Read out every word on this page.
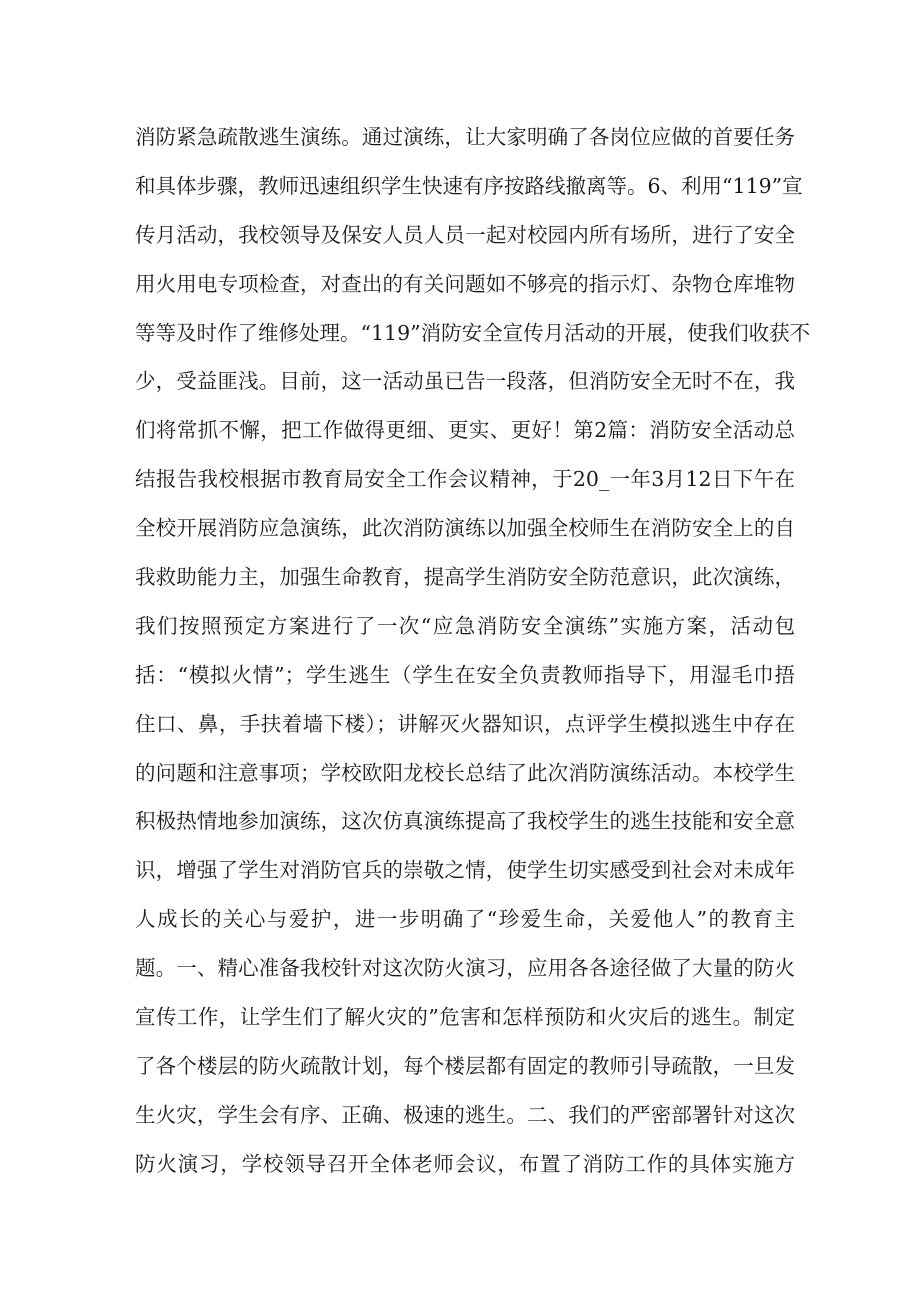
消防紧急疏散逃生演练。通过演练，让大家明确了各岗位应做的首要任务
和具体步骤，教师迅速组织学生快速有序按路线撤离等。6、利用“119”宣
传月活动，我校领导及保安人员人员一起对校园内所有场所，进行了安全
用火用电专项检查，对查出的有关问题如不够亮的指示灯、杂物仓库堆物
等等及时作了维修处理。“119”消防安全宣传月活动的开展，使我们收获不
少，受益匪浅。目前，这一活动虽已告一段落，但消防安全无时不在，我
们将常抓不懈，把工作做得更细、更实、更好！第2篇：消防安全活动总
结报告我校根据市教育局安全工作会议精神，于20_一年3月12日下午在
全校开展消防应急演练，此次消防演练以加强全校师生在消防安全上的自
我救助能力主，加强生命教育，提高学生消防安全防范意识，此次演练，
我们按照预定方案进行了一次“应急消防安全演练”实施方案，活动包
括：“模拟火情”；学生逃生（学生在安全负责教师指导下，用湿毛巾捂
住口、鼻，手扶着墙下楼）；讲解灭火器知识，点评学生模拟逃生中存在
的问题和注意事项；学校欧阳龙校长总结了此次消防演练活动。本校学生
积极热情地参加演练，这次仿真演练提高了我校学生的逃生技能和安全意
识，增强了学生对消防官兵的崇敬之情，使学生切实感受到社会对未成年
人成长的关心与爱护，进一步明确了“珍爱生命，关爱他人”的教育主
题。一、精心准备我校针对这次防火演习，应用各各途径做了大量的防火
宣传工作，让学生们了解火灾的”危害和怎样预防和火灾后的逃生。制定
了各个楼层的防火疏散计划，每个楼层都有固定的教师引导疏散，一旦发
生火灾，学生会有序、正确、极速的逃生。二、我们的严密部署针对这次
防火演习，学校领导召开全体老师会议，布置了消防工作的具体实施方
